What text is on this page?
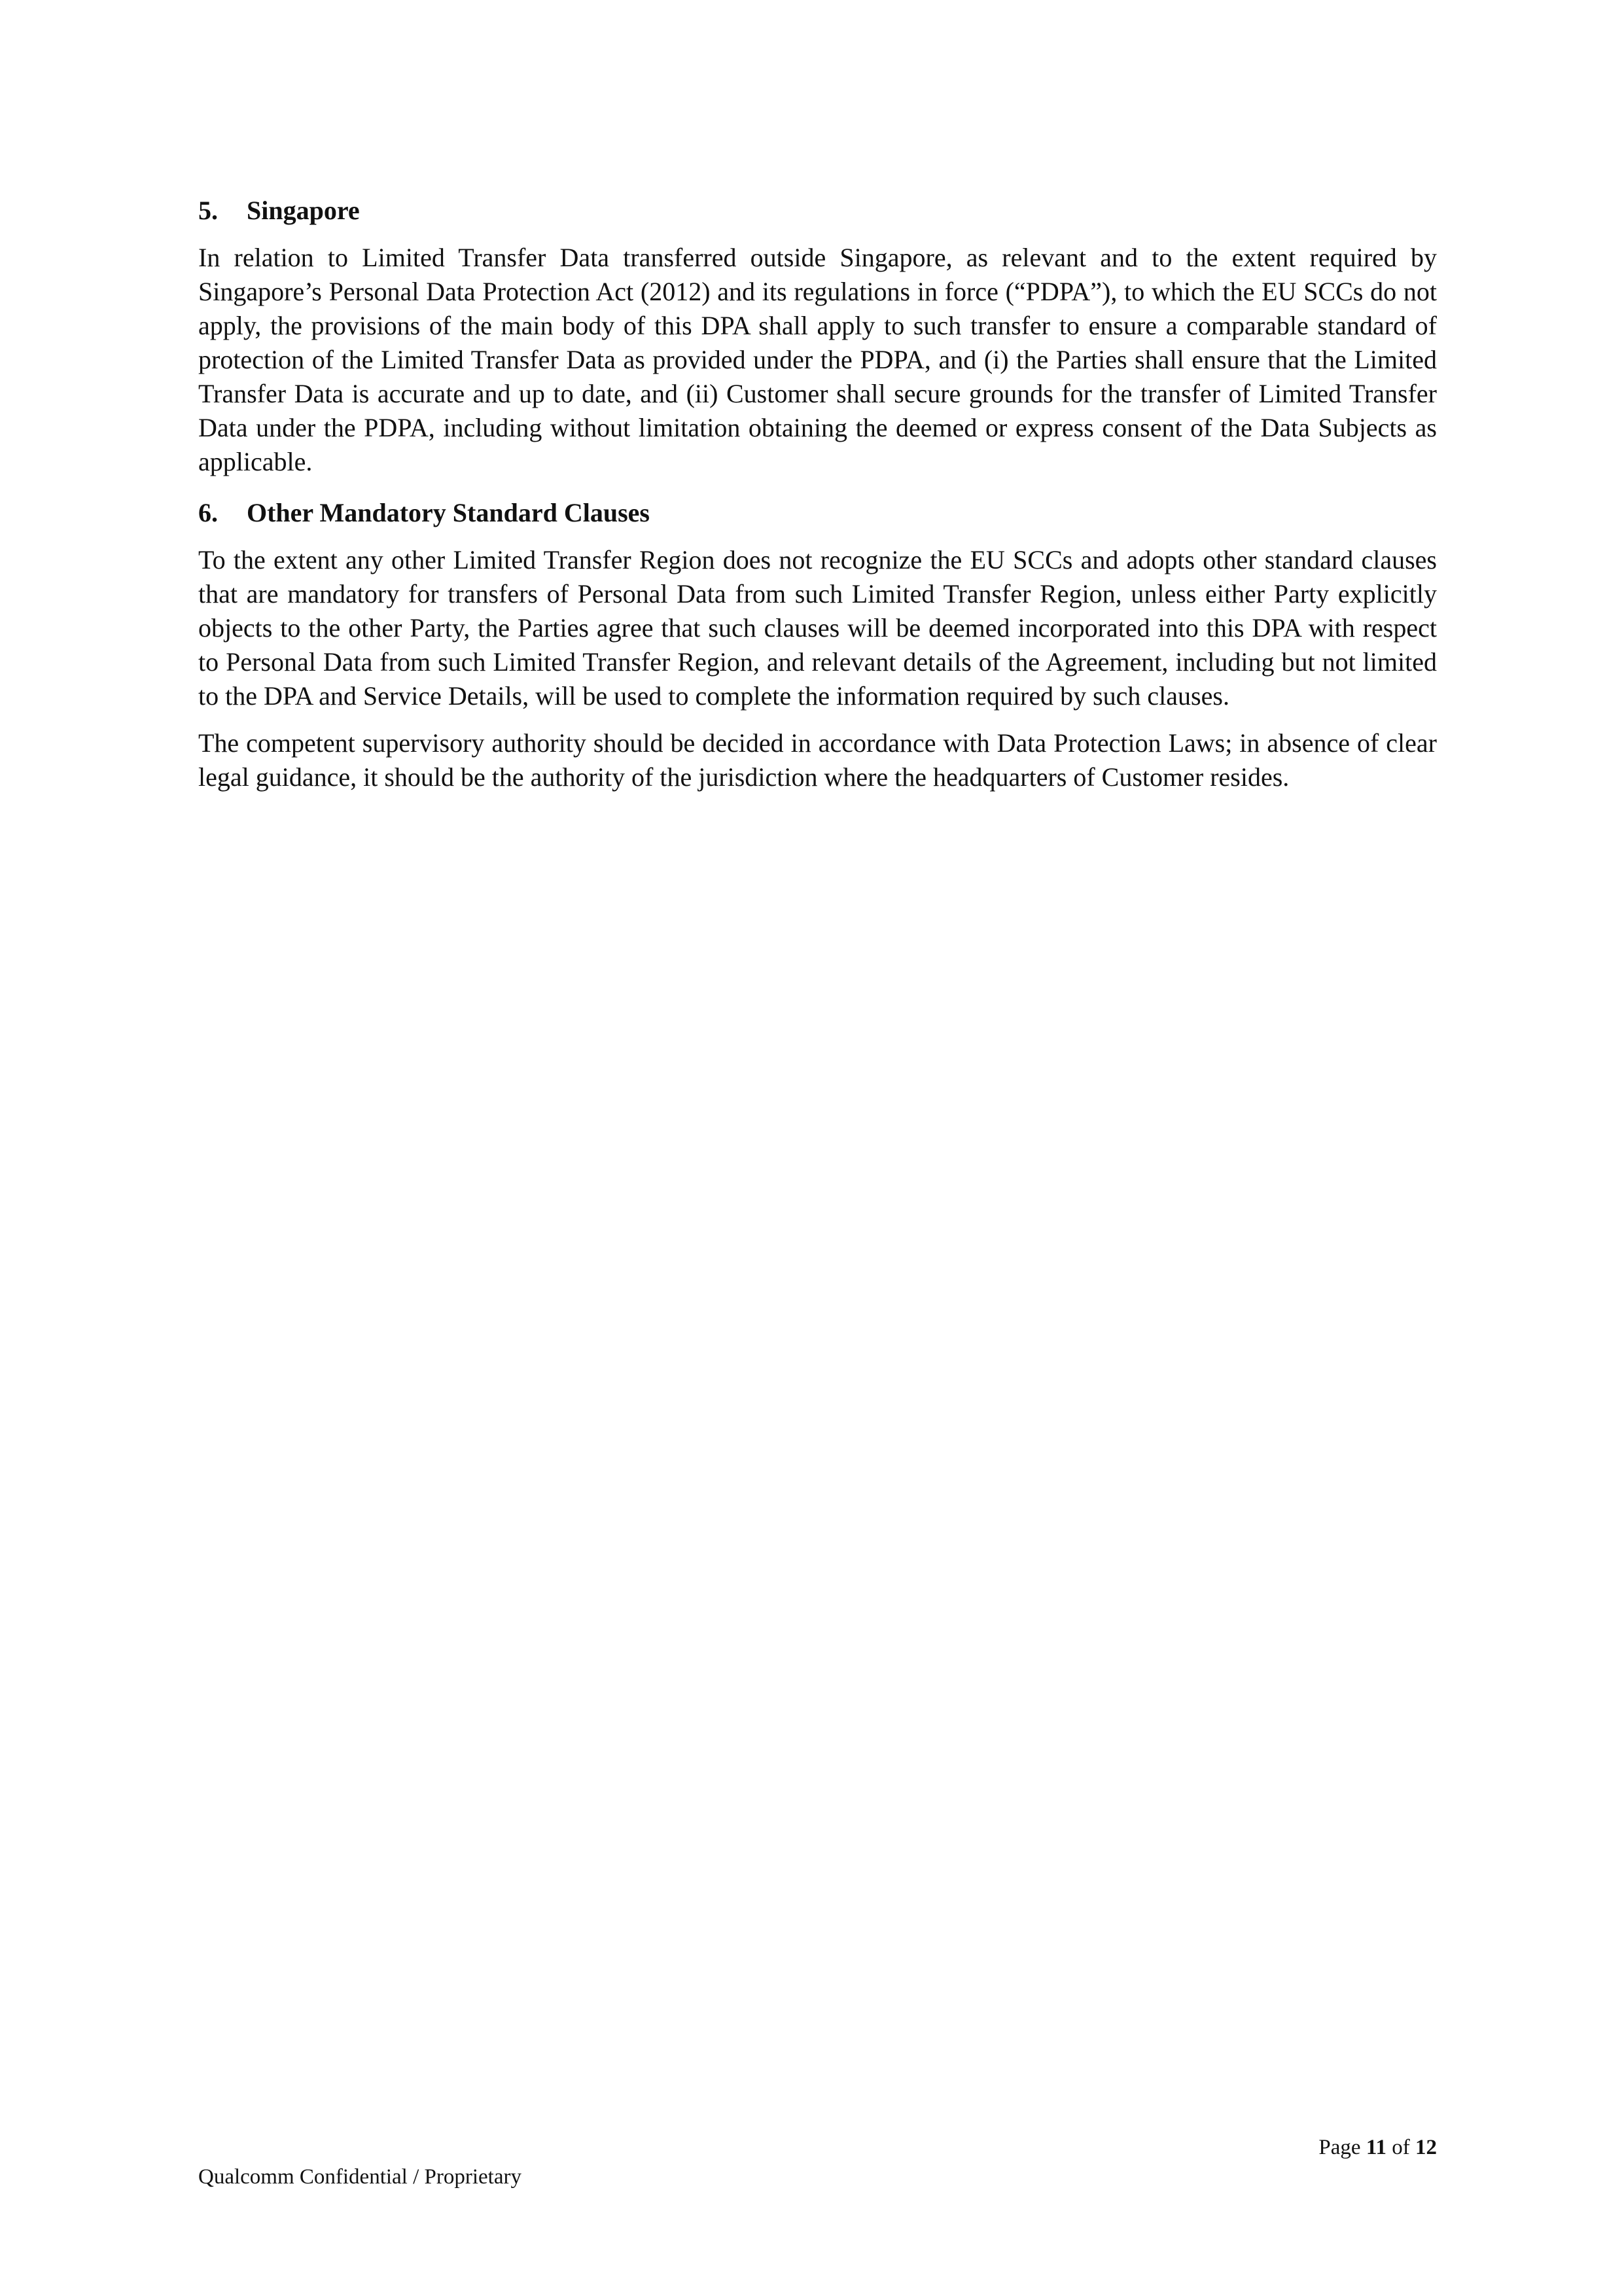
5.	Singapore

In relation to Limited Transfer Data transferred outside Singapore, as relevant and to the extent required by Singapore’s Personal Data Protection Act (2012) and its regulations in force (“PDPA”), to which the EU SCCs do not apply, the provisions of the main body of this DPA shall apply to such transfer to ensure a comparable standard of protection of the Limited Transfer Data as provided under the PDPA, and (i) the Parties shall ensure that the Limited Transfer Data is accurate and up to date, and (ii) Customer shall secure grounds for the transfer of Limited Transfer Data under the PDPA, including without limitation obtaining the deemed or express consent of the Data Subjects as applicable.

6.	Other Mandatory Standard Clauses

To the extent any other Limited Transfer Region does not recognize the EU SCCs and adopts other standard clauses that are mandatory for transfers of Personal Data from such Limited Transfer Region, unless either Party explicitly objects to the other Party, the Parties agree that such clauses will be deemed incorporated into this DPA with respect to Personal Data from such Limited Transfer Region, and relevant details of the Agreement, including but not limited to the DPA and Service Details, will be used to complete the information required by such clauses.

The competent supervisory authority should be decided in accordance with Data Protection Laws; in absence of clear legal guidance, it should be the authority of the jurisdiction where the headquarters of Customer resides.

Page 11 of 12
Qualcomm Confidential / Proprietary
